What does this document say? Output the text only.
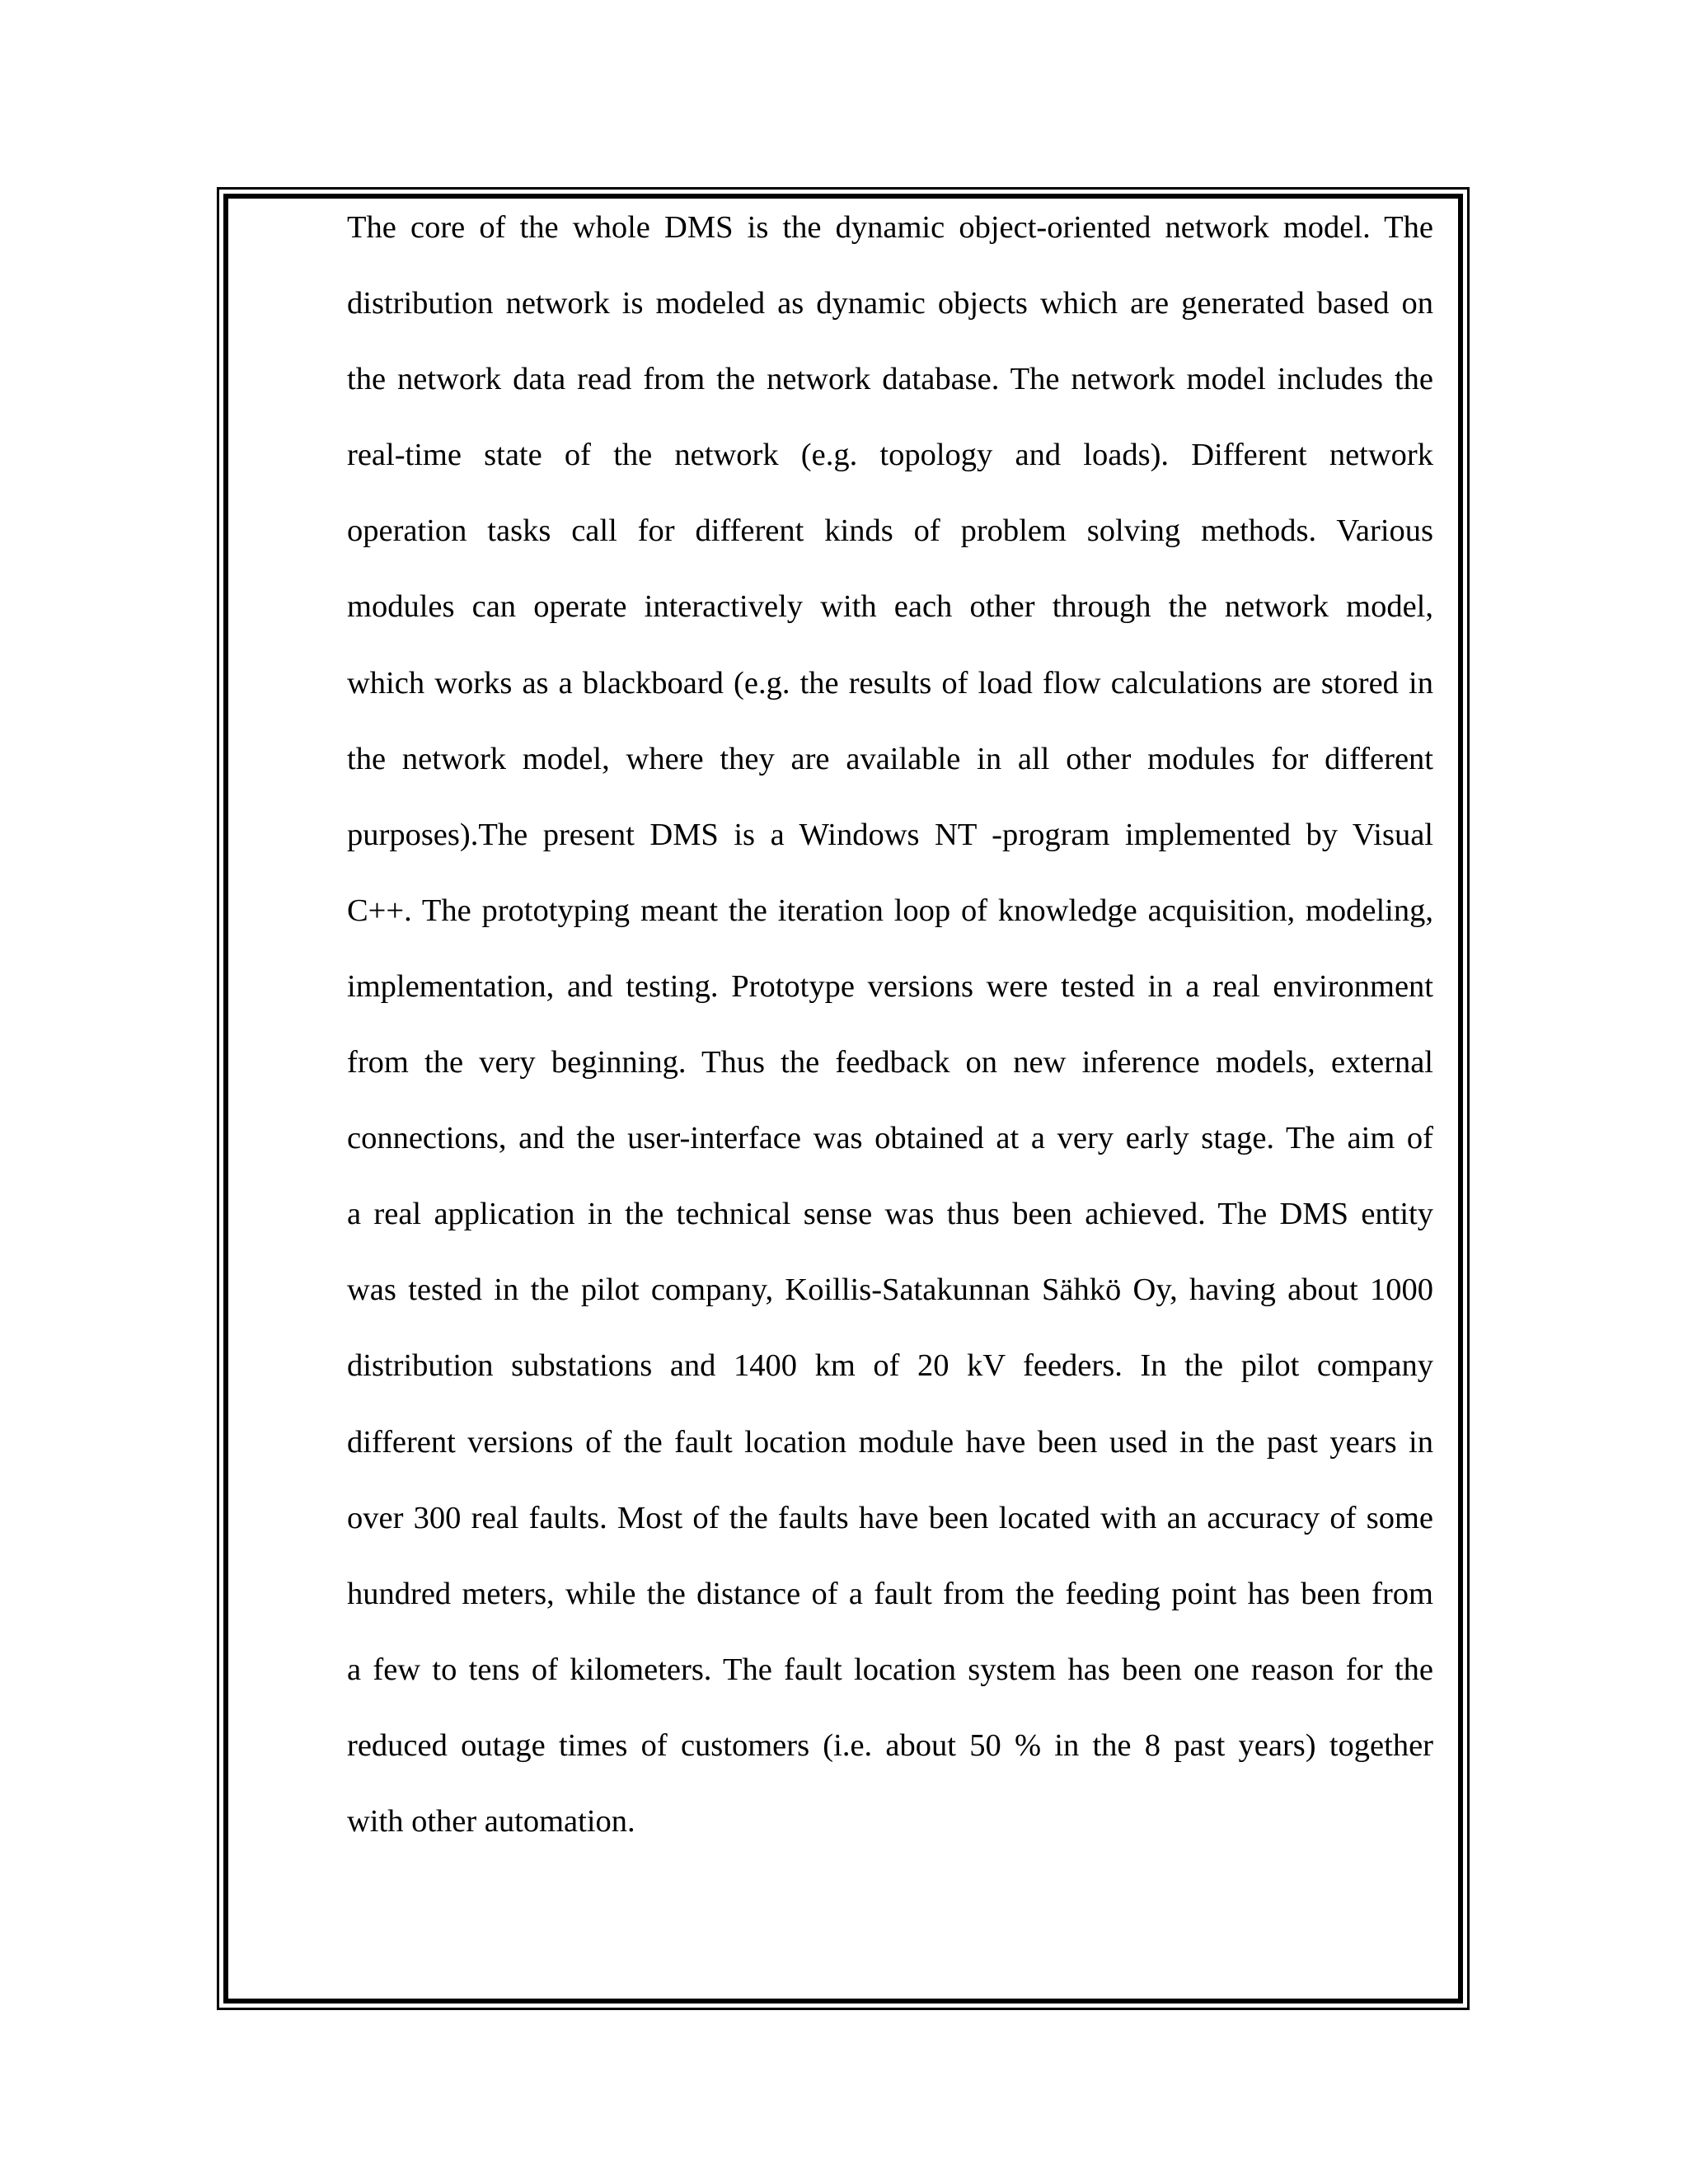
The core of the whole DMS is the dynamic object-oriented network model. The
distribution network is modeled as dynamic objects which are generated based on
the network data read from the network database. The network model includes the
real-time state of the network (e.g. topology and loads). Different network
operation tasks call for different kinds of problem solving methods. Various
modules can operate interactively with each other through the network model,
which works as a blackboard (e.g. the results of load flow calculations are stored in
the network model, where they are available in all other modules for different
purposes).The present DMS is a Windows NT -program implemented by Visual
C++. The prototyping meant the iteration loop of knowledge acquisition, modeling,
implementation, and testing. Prototype versions were tested in a real environment
from the very beginning. Thus the feedback on new inference models, external
connections, and the user-interface was obtained at a very early stage. The aim of
a real application in the technical sense was thus been achieved. The DMS entity
was tested in the pilot company, Koillis-Satakunnan Sähkö Oy, having about 1000
distribution substations and 1400 km of 20 kV feeders. In the pilot company
different versions of the fault location module have been used in the past years in
over 300 real faults. Most of the faults have been located with an accuracy of some
hundred meters, while the distance of a fault from the feeding point has been from
a few to tens of kilometers. The fault location system has been one reason for the
reduced outage times of customers (i.e. about 50 % in the 8 past years) together
with other automation.
